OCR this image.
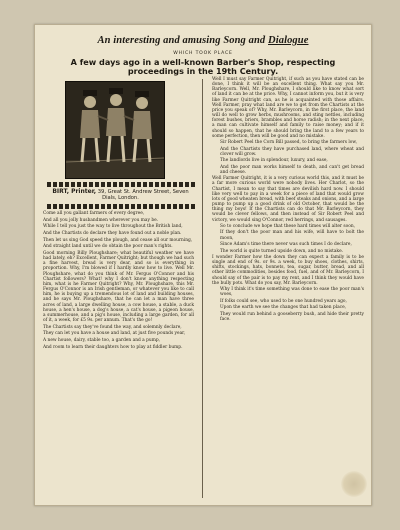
An interesting and amusing Song and Dialogue
WHICH TOOK PLACE
A few days ago in a well-known Barber's Shop, respecting proceedings in the 19th Century.
BIRT, Printer, 39, Great St. Andrew Street, Seven Dials, London.

Come all you gallant farmers of every degree,

And all you jolly husbandmen wherever you may be.

While I tell you just the way to live throughout the British land,

And the Chartists do declare they have found out a noble plan.

Then let us sing God speed the plough, and cease all our mourning,

And straight land until we do obtain the poor man's rights.

Good morning Billy Ploughshare; what beautiful weather we have had lately, eh? Excellent, Farmer Quitright; but though we had such a fine harvest, bread is very dear, and so is everything in proportion. Why, I'm blowed if I hardly know how to live. Well Mr. Ploughshare, what do you think of Mr. Fergus O'Connor and his Chartist followers? What! why I don't know anything respecting him, what is he Farmer Quitright? Why, Mr. Ploughshare, this Mr. Fergus O'Connor is an Irish gentleman, or whatever you like to call him, he is buying up a tremendous lot of land and building houses, and he says Mr. Ploughshare, that he can let a man have three acres of land, a large dwelling house, a cow house, a stable, a duck house, a hen's house, a dog's house, a cat's house, a pigeon house, a summerhouse, and a pig's house, including a large garden, for all of it, a week, for £5 9s. per annum. That's the go!

The Chartists say they've found the way, and solemnly declare,

They can let you have a house and land, at just five pounds year,

A new house, dairy, stable too, a garden and a pump,

And room to learn their daughters how to play at fiddler bump.

Well I must say Farmer Quitright, if such as you have stated can be done, I think it will be an excellent thing. What say you Mr. Barleycorn. Well, Mr. Ploughshare, I should like to know what sort of land it can be at the price. Why, I cannot inform you, but it is very like Farmer Quitright can, as he is acquainted with those affairs. Well Farmer, pray what land are we to get from the Chartists at the price you speak of? Why, Mr. Barleycorn, in the first place, the land will do well to grow herbs, mushrooms, and sting nettles, including forest bushes, briers, brambles and horse radish; in the next place, a man can cultivate himself and family to raise money; and if it should so happen, that he should bring the land to a few years to some perfection, then will be good and no mistake.

Sir Robert Peel the Corn Bill passed, to bring the farmers low,

And the Chartists they have purchased land, where wheat and clover will grow.

The landlords live in splendour, luxury, and ease,

And the poor man works himself to death, and can't get bread and cheese.

Well Farmer Quitright, it is a very curious world this, and it must be a far more curious world were nobody lives. Her Charlot, so the Chartist, I mean to say that times are devilish hard now. I should like very well to pay in a week for a piece of land that would grow lots of good wheaten bread, with beef steaks and onions, and a large pump to pump up a good drink of old October, that would be the thing my boys! If the Chartists can do that Mr. Barleycorn, they would be clever fellows, and then instead of Sir Robert Peel and victory, we would sing O'Connor, red herrings, and sausages.

So to conclude we hope that these hard times will alter soon,

If they don't the poor man and his wife, will have to bolt the moon,

Since Adam's time there never was such times I do declare,

The world is quite turned upside down, and no mistake.

I wonder Farmer how the down they can expect a family is to be single and end of 9s. or 9s. a week, to buy shoes, clothes, shirts, shifts, stockings, hats, bonnets, tea, sugar, butter, bread, and all other little commodities, besides food, fuel, and of Mr. Barleycorn, I should say of the pair is to pay my rent, and I think they would have the bully pots. What do you say, Mr. Barleycorn.

Why I think it's time something was done to ease the poor man's woes,

If folks could see, who used to be one hundred years ago,

Upon the earth we see the changes that had taken place,

They would run behind a gooseberry bush, and hide their pretty face.
